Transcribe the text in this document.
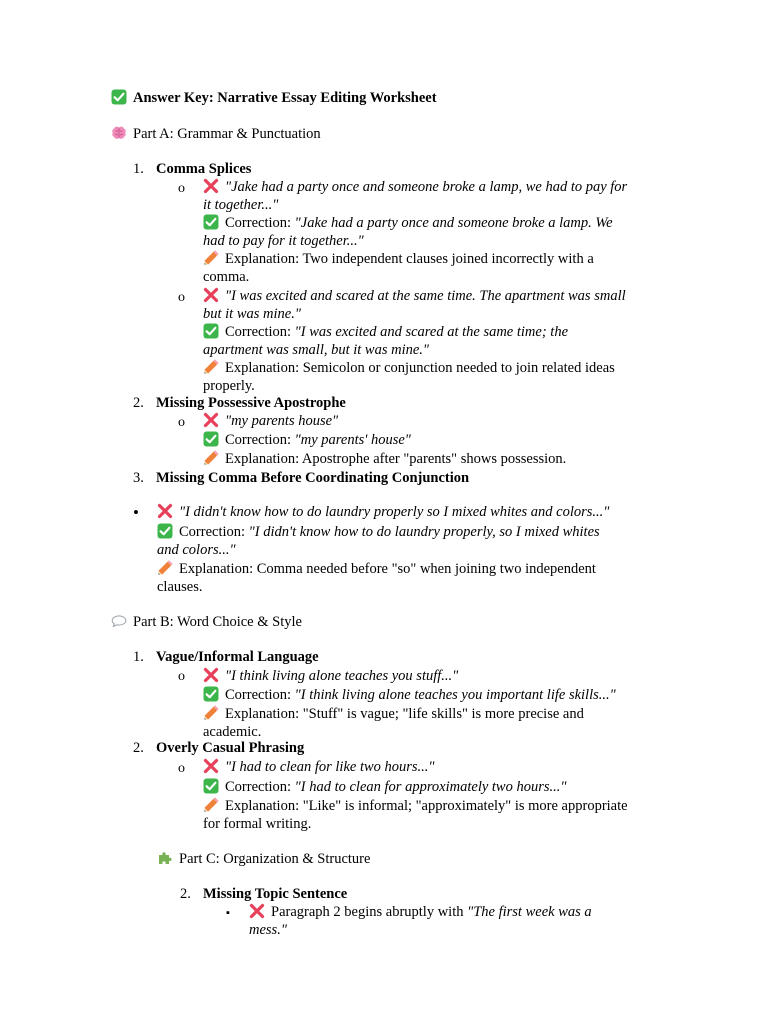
Answer Key: Narrative Essay Editing Worksheet
Part A: Grammar & Punctuation
1. Comma Splices
o	"Jake had a party once and someone broke a lamp, we had to pay for
it together..."
Correction: "Jake had a party once and someone broke a lamp. We
had to pay for it together..."
Explanation: Two independent clauses joined incorrectly with a
comma.
o	"I was excited and scared at the same time. The apartment was small
but it was mine."
Correction: "I was excited and scared at the same time; the
apartment was small, but it was mine."
Explanation: Semicolon or conjunction needed to join related ideas
properly.
2. Missing Possessive Apostrophe
o	"my parents house"
Correction: "my parents' house"
Explanation: Apostrophe after "parents" shows possession.
3. Missing Comma Before Coordinating Conjunction
•	"I didn't know how to do laundry properly so I mixed whites and colors..."
Correction: "I didn't know how to do laundry properly, so I mixed whites
and colors..."
Explanation: Comma needed before "so" when joining two independent
clauses.
Part B: Word Choice & Style
1. Vague/Informal Language
o	"I think living alone teaches you stuff..."
Correction: "I think living alone teaches you important life skills..."
Explanation: "Stuff" is vague; "life skills" is more precise and
academic.
2. Overly Casual Phrasing
o	"I had to clean for like two hours..."
Correction: "I had to clean for approximately two hours..."
Explanation: "Like" is informal; "approximately" is more appropriate
for formal writing.
Part C: Organization & Structure
2. Missing Topic Sentence
▪	Paragraph 2 begins abruptly with "The first week was a
mess."
